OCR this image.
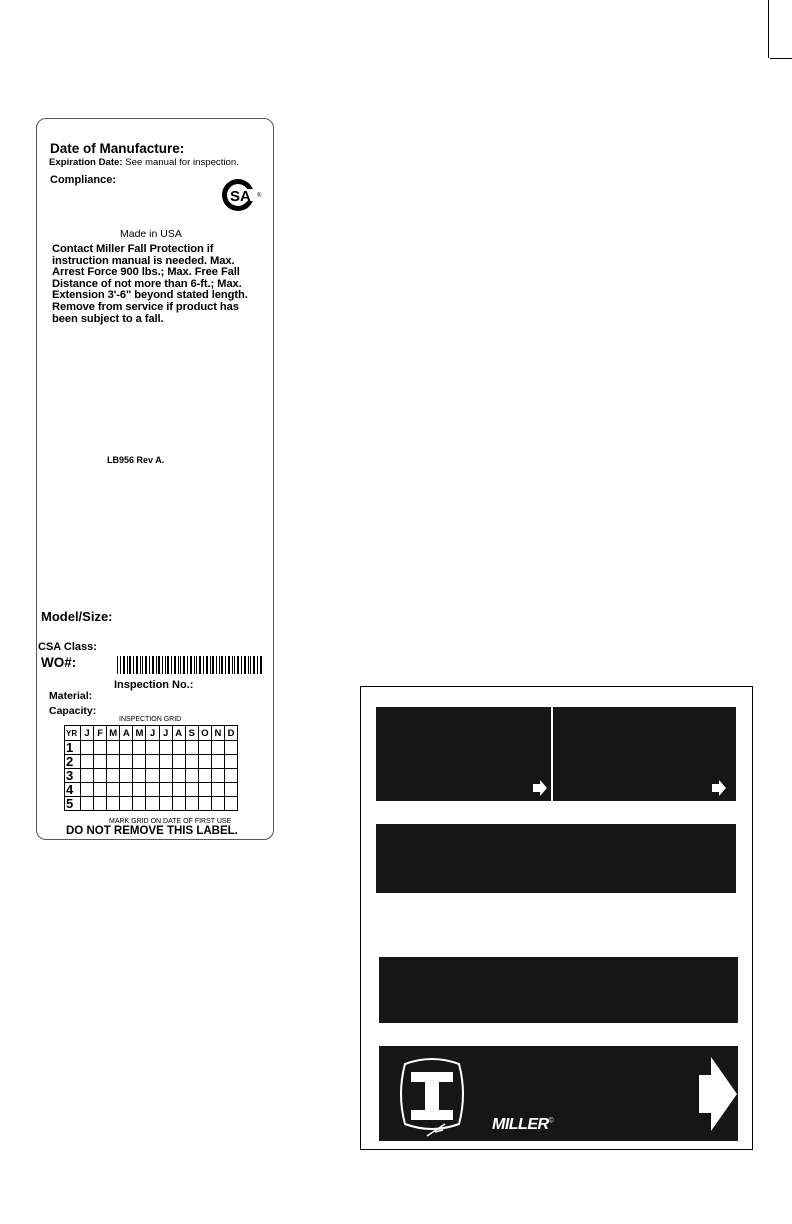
Date of Manufacture:
Expiration Date: See manual for inspection.
Compliance:
SA ®
Made in USA
Contact Miller Fall Protection if instruction manual is needed. Max. Arrest Force 900 lbs.; Max. Free Fall Distance of not more than 6-ft.; Max. Extension 3'-6" beyond stated length. Remove from service if product has been subject to a fall.
LB956 Rev A.
Model/Size:
CSA Class:
WO#:
Inspection No.:
Material:
Capacity:
INSPECTION GRID
YR	J	F	M	A	M	J	J	A	S	O	N	D
1												
2												
3												
4												
5												
MARK GRID ON DATE OF FIRST USE
DO NOT REMOVE THIS LABEL.
MILLER©
